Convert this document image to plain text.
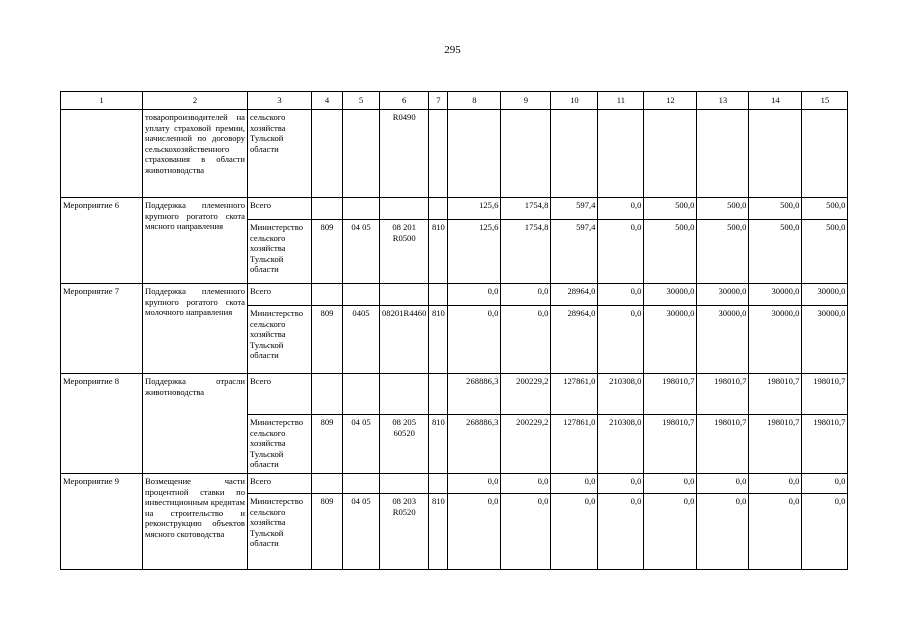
295
1	2	3	4	5	6	7	8	9	10	11	12	13	14	15
	товаропроизводителей на уплату страховой премии, начисленной по договору сельскохозяйственного страхования в области животноводства	сельского хозяйства Тульской области			R0490									
Мероприятие 6	Поддержка племенного крупного рогатого скота мясного направления	Всего					125,6	1754,8	597,4	0,0	500,0	500,0	500,0	500,0
		Министерство сельского хозяйства Тульской области	809	04 05	08 201 R0500	810	125,6	1754,8	597,4	0,0	500,0	500,0	500,0	500,0
Мероприятие 7	Поддержка племенного крупного рогатого скота молочного направления	Всего					0,0	0,0	28964,0	0,0	30000,0	30000,0	30000,0	30000,0
		Министерство сельского хозяйства Тульской области	809	0405	08201R4460	810	0,0	0,0	28964,0	0,0	30000,0	30000,0	30000,0	30000,0
Мероприятие 8	Поддержка отрасли животноводства	Всего					268886,3	200229,2	127861,0	210308,0	198010,7	198010,7	198010,7	198010,7
		Министерство сельского хозяйства Тульской области	809	04 05	08 205 60520	810	268886,3	200229,2	127861,0	210308,0	198010,7	198010,7	198010,7	198010,7
Мероприятие 9	Возмещение части процентной ставки по инвестиционным кредитам на строительство и реконструкцию объектов мясного скотоводства	Всего					0,0	0,0	0,0	0,0	0,0	0,0	0,0	0,0
		Министерство сельского хозяйства Тульской области	809	04 05	08 203 R0520	810	0,0	0,0	0,0	0,0	0,0	0,0	0,0	0,0
